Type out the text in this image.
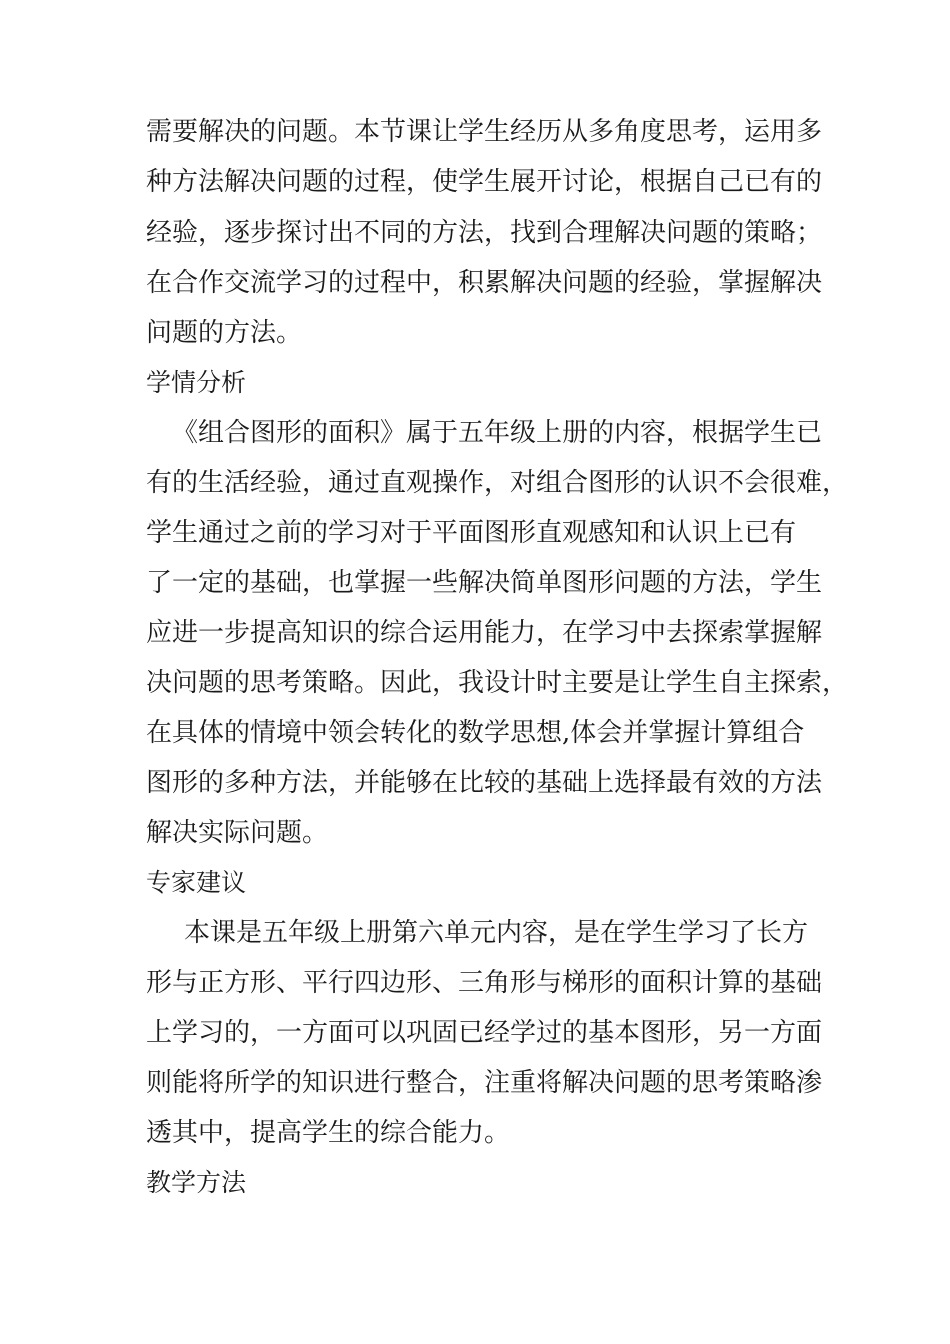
需要解决的问题。本节课让学生经历从多角度思考，运用多
种方法解决问题的过程，使学生展开讨论，根据自己已有的
经验，逐步探讨出不同的方法，找到合理解决问题的策略；
在合作交流学习的过程中，积累解决问题的经验，掌握解决
问题的方法。
学情分析
《组合图形的面积》属于五年级上册的内容，根据学生已
有的生活经验，通过直观操作，对组合图形的认识不会很难，
学生通过之前的学习对于平面图形直观感知和认识上已有
了一定的基础，也掌握一些解决简单图形问题的方法，学生
应进一步提高知识的综合运用能力，在学习中去探索掌握解
决问题的思考策略。因此，我设计时主要是让学生自主探索，
在具体的情境中领会转化的数学思想,体会并掌握计算组合
图形的多种方法，并能够在比较的基础上选择最有效的方法
解决实际问题。
专家建议
本课是五年级上册第六单元内容，是在学生学习了长方
形与正方形、平行四边形、三角形与梯形的面积计算的基础
上学习的，一方面可以巩固已经学过的基本图形，另一方面
则能将所学的知识进行整合，注重将解决问题的思考策略渗
透其中，提高学生的综合能力。
教学方法
